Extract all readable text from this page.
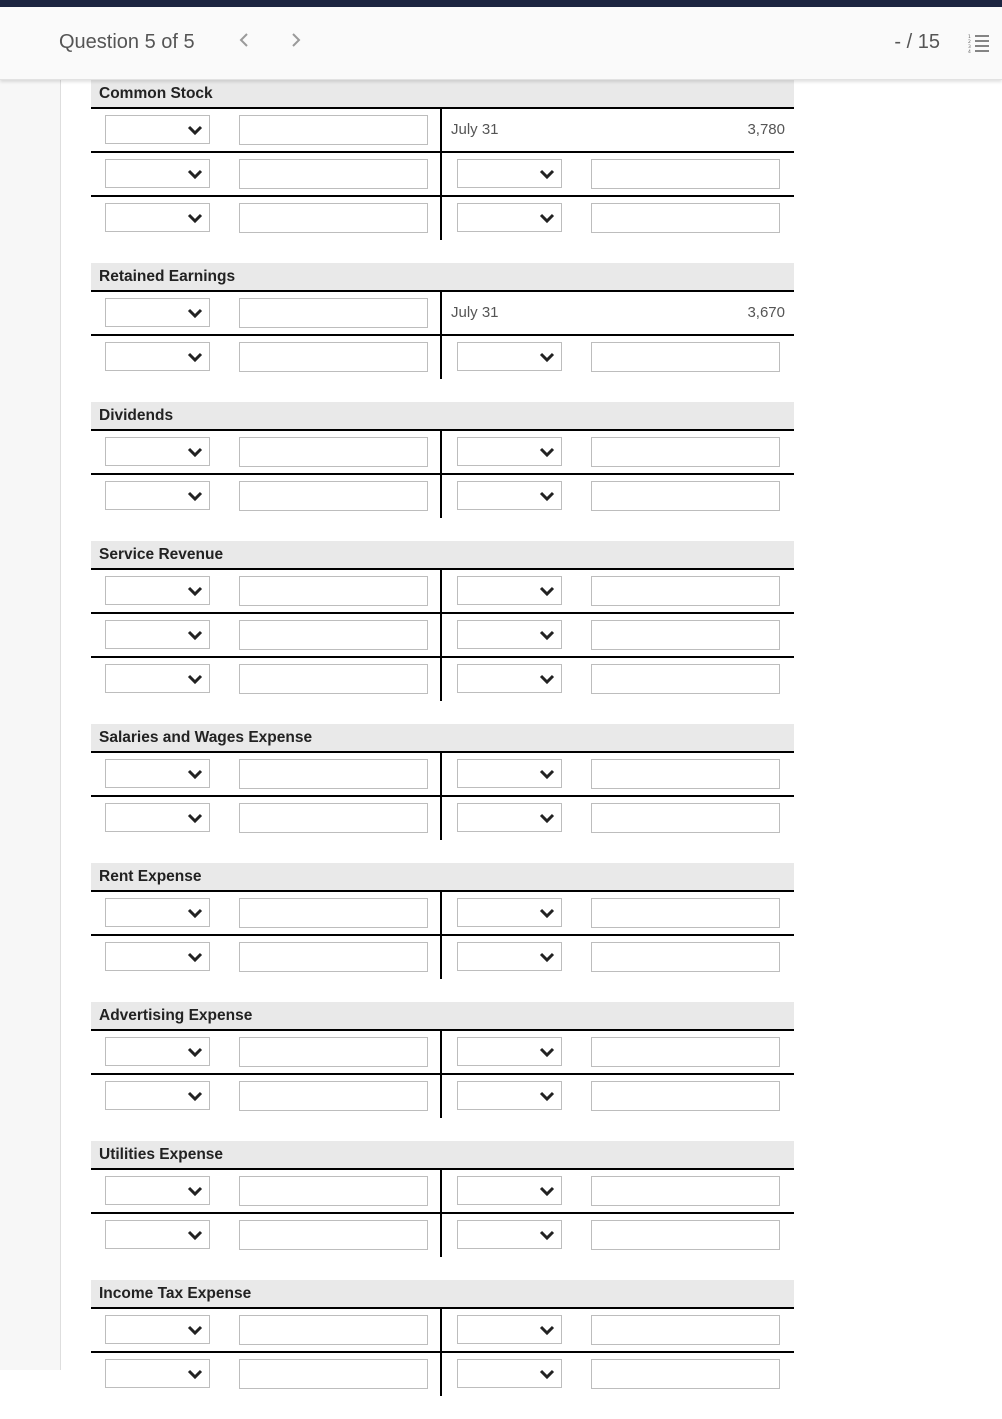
Question 5 of 5	- / 15	1
2
3
4
Common Stock
July 31	3,780
Retained Earnings
July 31	3,670
Dividends
Service Revenue
Salaries and Wages Expense
Rent Expense
Advertising Expense
Utilities Expense
Income Tax Expense
